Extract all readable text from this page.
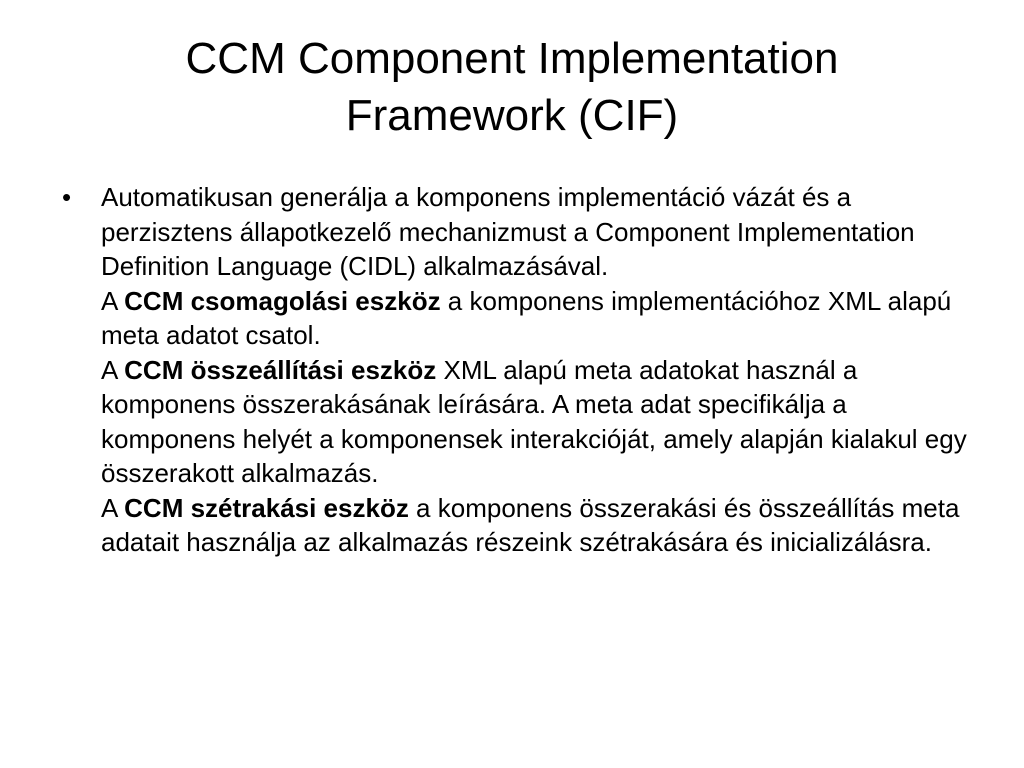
CCM Component Implementation
Framework (CIF)
• Automatikusan generálja a komponens implementáció vázát és a perzisztens állapotkezelő mechanizmust a Component Implementation Definition Language (CIDL) alkalmazásával.
A CCM csomagolási eszköz a komponens implementációhoz XML alapú meta adatot csatol.
A CCM összeállítási eszköz XML alapú meta adatokat használ a komponens összerakásának leírására. A meta adat specifikálja a komponens helyét a komponensek interakcióját, amely alapján kialakul egy összerakott alkalmazás.
A CCM szétrakási eszköz a komponens összerakási és összeállítás meta adatait használja az alkalmazás részeink szétrakására és inicializálásra.
